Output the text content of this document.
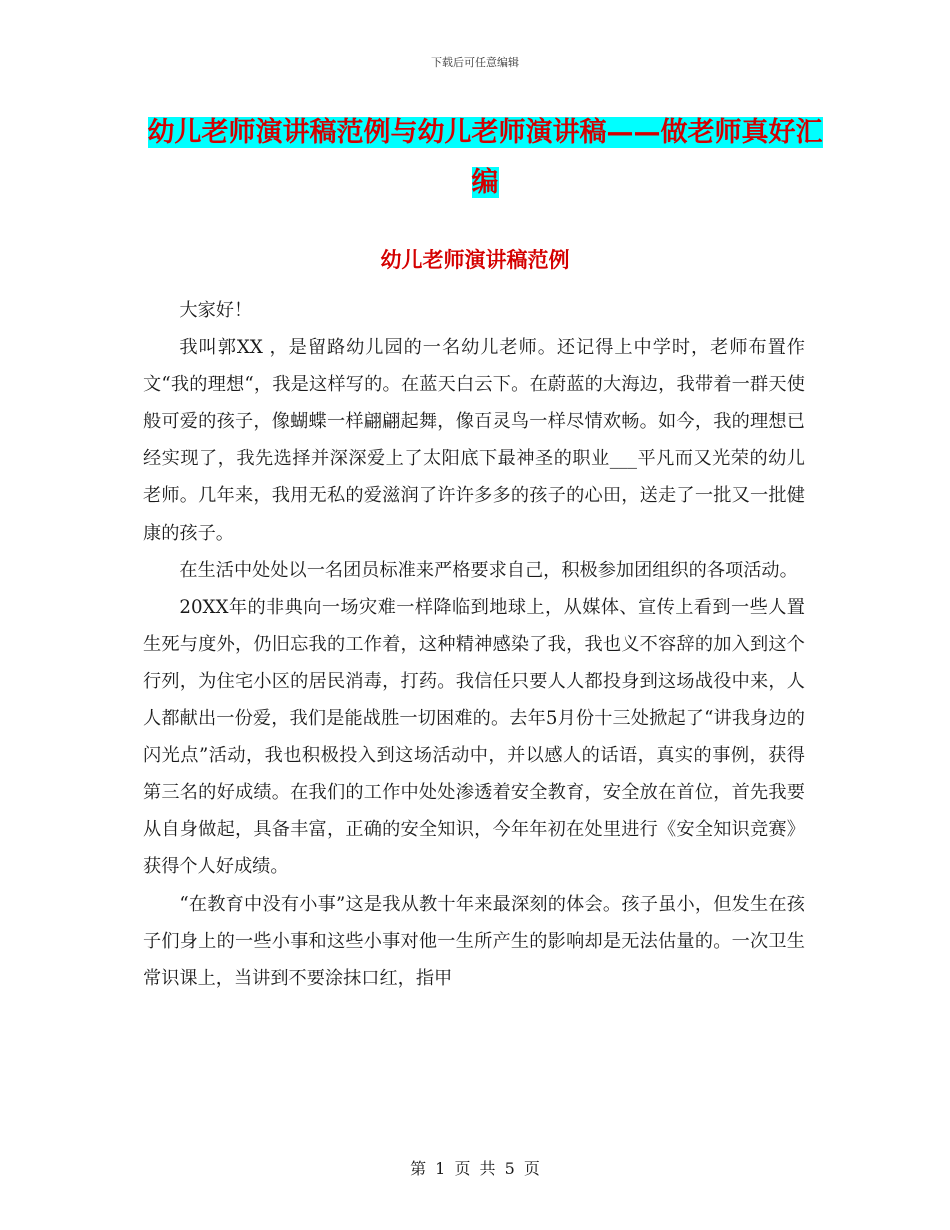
下载后可任意编辑
幼儿老师演讲稿范例与幼儿老师演讲稿——做老师真好汇编
幼儿老师演讲稿范例

大家好！

我叫郭XX ，是留路幼儿园的一名幼儿老师。还记得上中学时，老师布置作文“我的理想“，我是这样写的。在蓝天白云下。在蔚蓝的大海边，我带着一群天使般可爱的孩子，像蝴蝶一样翩翩起舞，像百灵鸟一样尽情欢畅。如今，我的理想已经实现了，我先选择并深深爱上了太阳底下最神圣的职业___平凡而又光荣的幼儿老师。几年来，我用无私的爱滋润了许许多多的孩子的心田，送走了一批又一批健康的孩子。

在生活中处处以一名团员标准来严格要求自己，积极参加团组织的各项活动。

20XX年的非典向一场灾难一样降临到地球上，从媒体、宣传上看到一些人置生死与度外，仍旧忘我的工作着，这种精神感染了我，我也义不容辞的加入到这个行列，为住宅小区的居民消毒，打药。我信任只要人人都投身到这场战役中来，人人都献出一份爱，我们是能战胜一切困难的。去年5月份十三处掀起了“讲我身边的闪光点”活动，我也积极投入到这场活动中，并以感人的话语，真实的事例，获得第三名的好成绩。在我们的工作中处处渗透着安全教育，安全放在首位，首先我要从自身做起，具备丰富，正确的安全知识，今年年初在处里进行《安全知识竞赛》获得个人好成绩。

“在教育中没有小事”这是我从教十年来最深刻的体会。孩子虽小，但发生在孩子们身上的一些小事和这些小事对他一生所产生的影响却是无法估量的。一次卫生常识课上，当讲到不要涂抹口红，指甲

第 1 页 共 5 页
